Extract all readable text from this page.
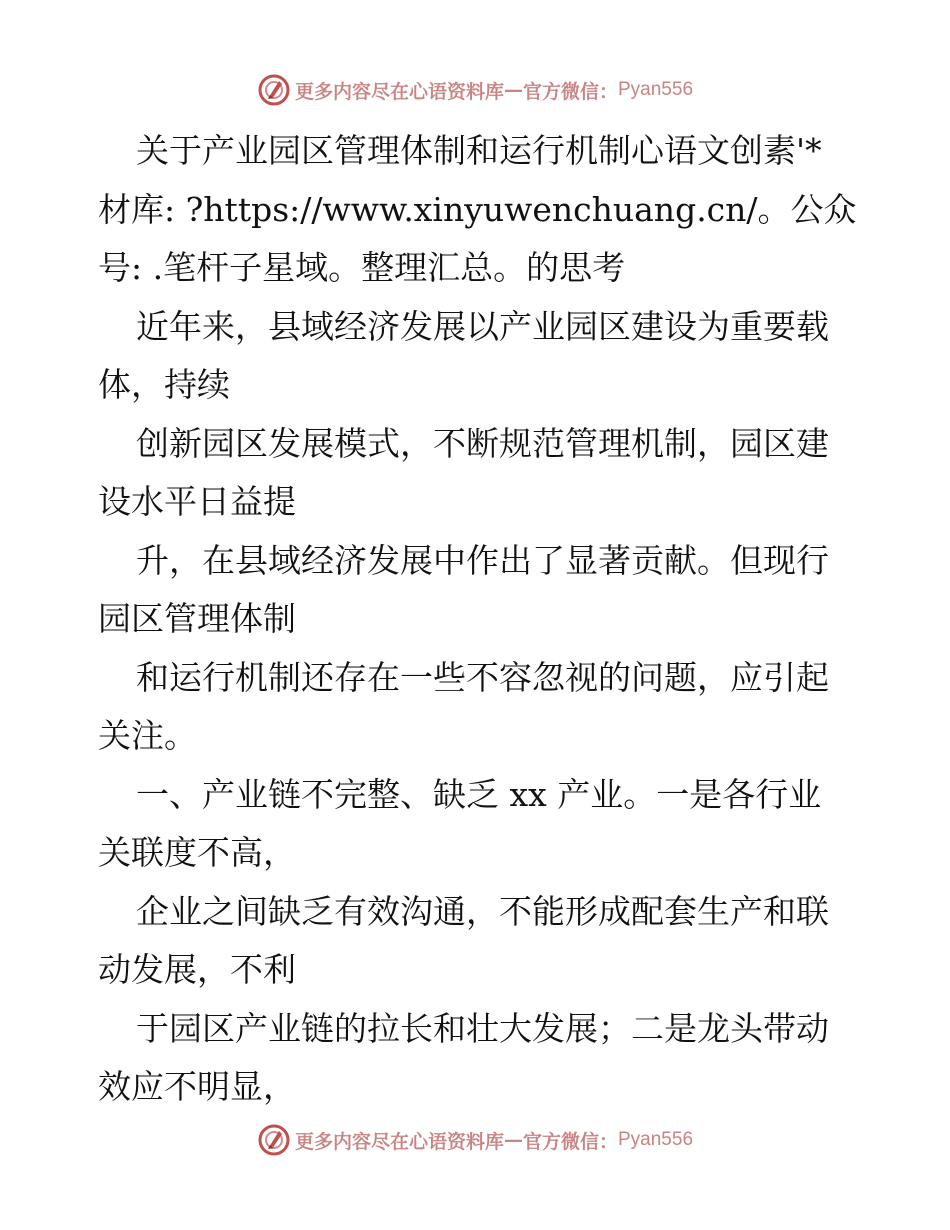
更多内容尽在心语资料库 — 官方微信： Pyan556

关于产业园区管理体制和运行机制心语文创素'*
材库: ?https://www.xinyuwenchuang.cn/。公众
号: .笔杆子星域。整理汇总。的思考

近年来，县域经济发展以产业园区建设为重要载
体，持续

创新园区发展模式，不断规范管理机制，园区建
设水平日益提

升，在县域经济发展中作出了显著贡献。但现行
园区管理体制

和运行机制还存在一些不容忽视的问题，应引起
关注。

一、产业链不完整、缺乏 xx 产业。一是各行业
关联度不高，

企业之间缺乏有效沟通，不能形成配套生产和联
动发展，不利

于园区产业链的拉长和壮大发展；二是龙头带动
效应不明显，

更多内容尽在心语资料库 — 官方微信： Pyan556
